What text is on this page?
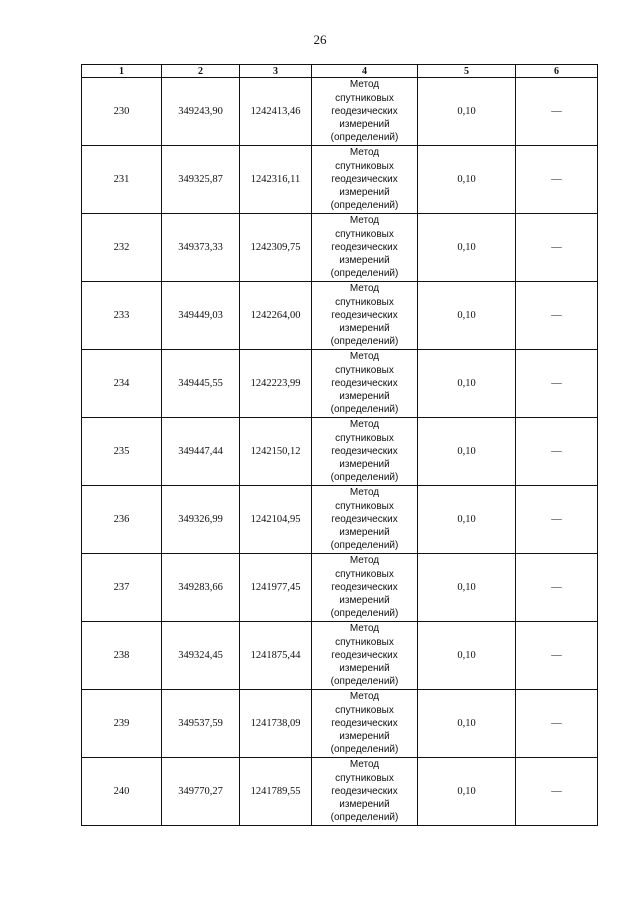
26
1	2	3	4	5	6
230	349243,90	1242413,46	Метод
спутниковых
геодезических
измерений
(определений)	0,10	—
231	349325,87	1242316,11	Метод
спутниковых
геодезических
измерений
(определений)	0,10	—
232	349373,33	1242309,75	Метод
спутниковых
геодезических
измерений
(определений)	0,10	—
233	349449,03	1242264,00	Метод
спутниковых
геодезических
измерений
(определений)	0,10	—
234	349445,55	1242223,99	Метод
спутниковых
геодезических
измерений
(определений)	0,10	—
235	349447,44	1242150,12	Метод
спутниковых
геодезических
измерений
(определений)	0,10	—
236	349326,99	1242104,95	Метод
спутниковых
геодезических
измерений
(определений)	0,10	—
237	349283,66	1241977,45	Метод
спутниковых
геодезических
измерений
(определений)	0,10	—
238	349324,45	1241875,44	Метод
спутниковых
геодезических
измерений
(определений)	0,10	—
239	349537,59	1241738,09	Метод
спутниковых
геодезических
измерений
(определений)	0,10	—
240	349770,27	1241789,55	Метод
спутниковых
геодезических
измерений
(определений)	0,10	—
